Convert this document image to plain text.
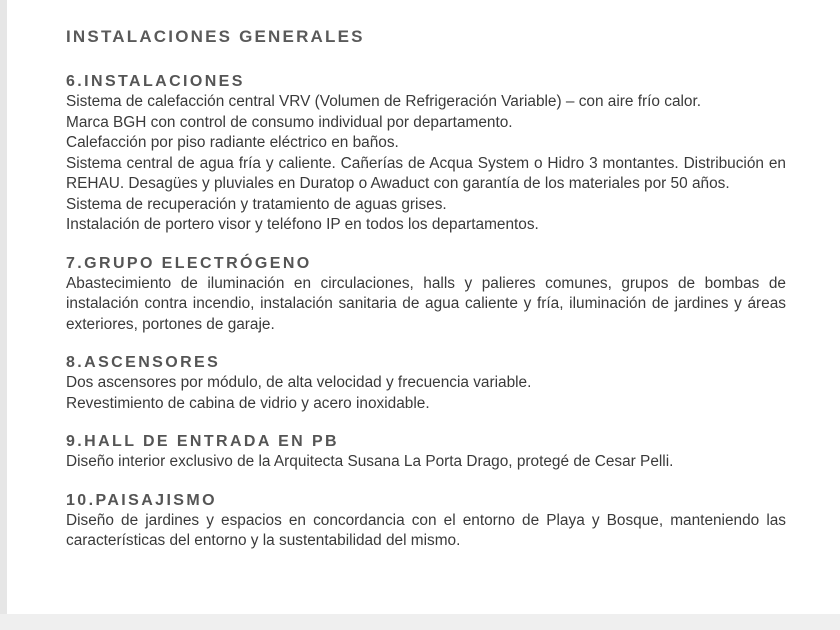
INSTALACIONES GENERALES
6.INSTALACIONES

Sistema de calefacción central VRV (Volumen de Refrigeración Variable) – con aire frío calor.

Marca BGH con control de consumo individual por departamento.

Calefacción por piso radiante eléctrico en baños.

Sistema central de agua fría y caliente. Cañerías de Acqua System o Hidro 3 montantes. Distribución en REHAU. Desagües y pluviales en Duratop o Awaduct con garantía de los materiales por 50 años.

Sistema de recuperación y tratamiento de aguas grises.

Instalación de portero visor y teléfono IP en todos los departamentos.

7.GRUPO ELECTRÓGENO

Abastecimiento de iluminación en circulaciones, halls y palieres comunes, grupos de bombas de instalación contra incendio, instalación sanitaria de agua caliente y fría, iluminación de jardines y áreas exteriores, portones de garaje.

8.ASCENSORES

Dos ascensores por módulo, de alta velocidad y frecuencia variable.

Revestimiento de cabina de vidrio y acero inoxidable.

9.HALL DE ENTRADA EN PB

Diseño interior exclusivo de la Arquitecta Susana La Porta Drago, protegé de Cesar Pelli.

10.PAISAJISMO

Diseño de jardines y espacios en concordancia con el entorno de Playa y Bosque, manteniendo las características del entorno y la sustentabilidad del mismo.
